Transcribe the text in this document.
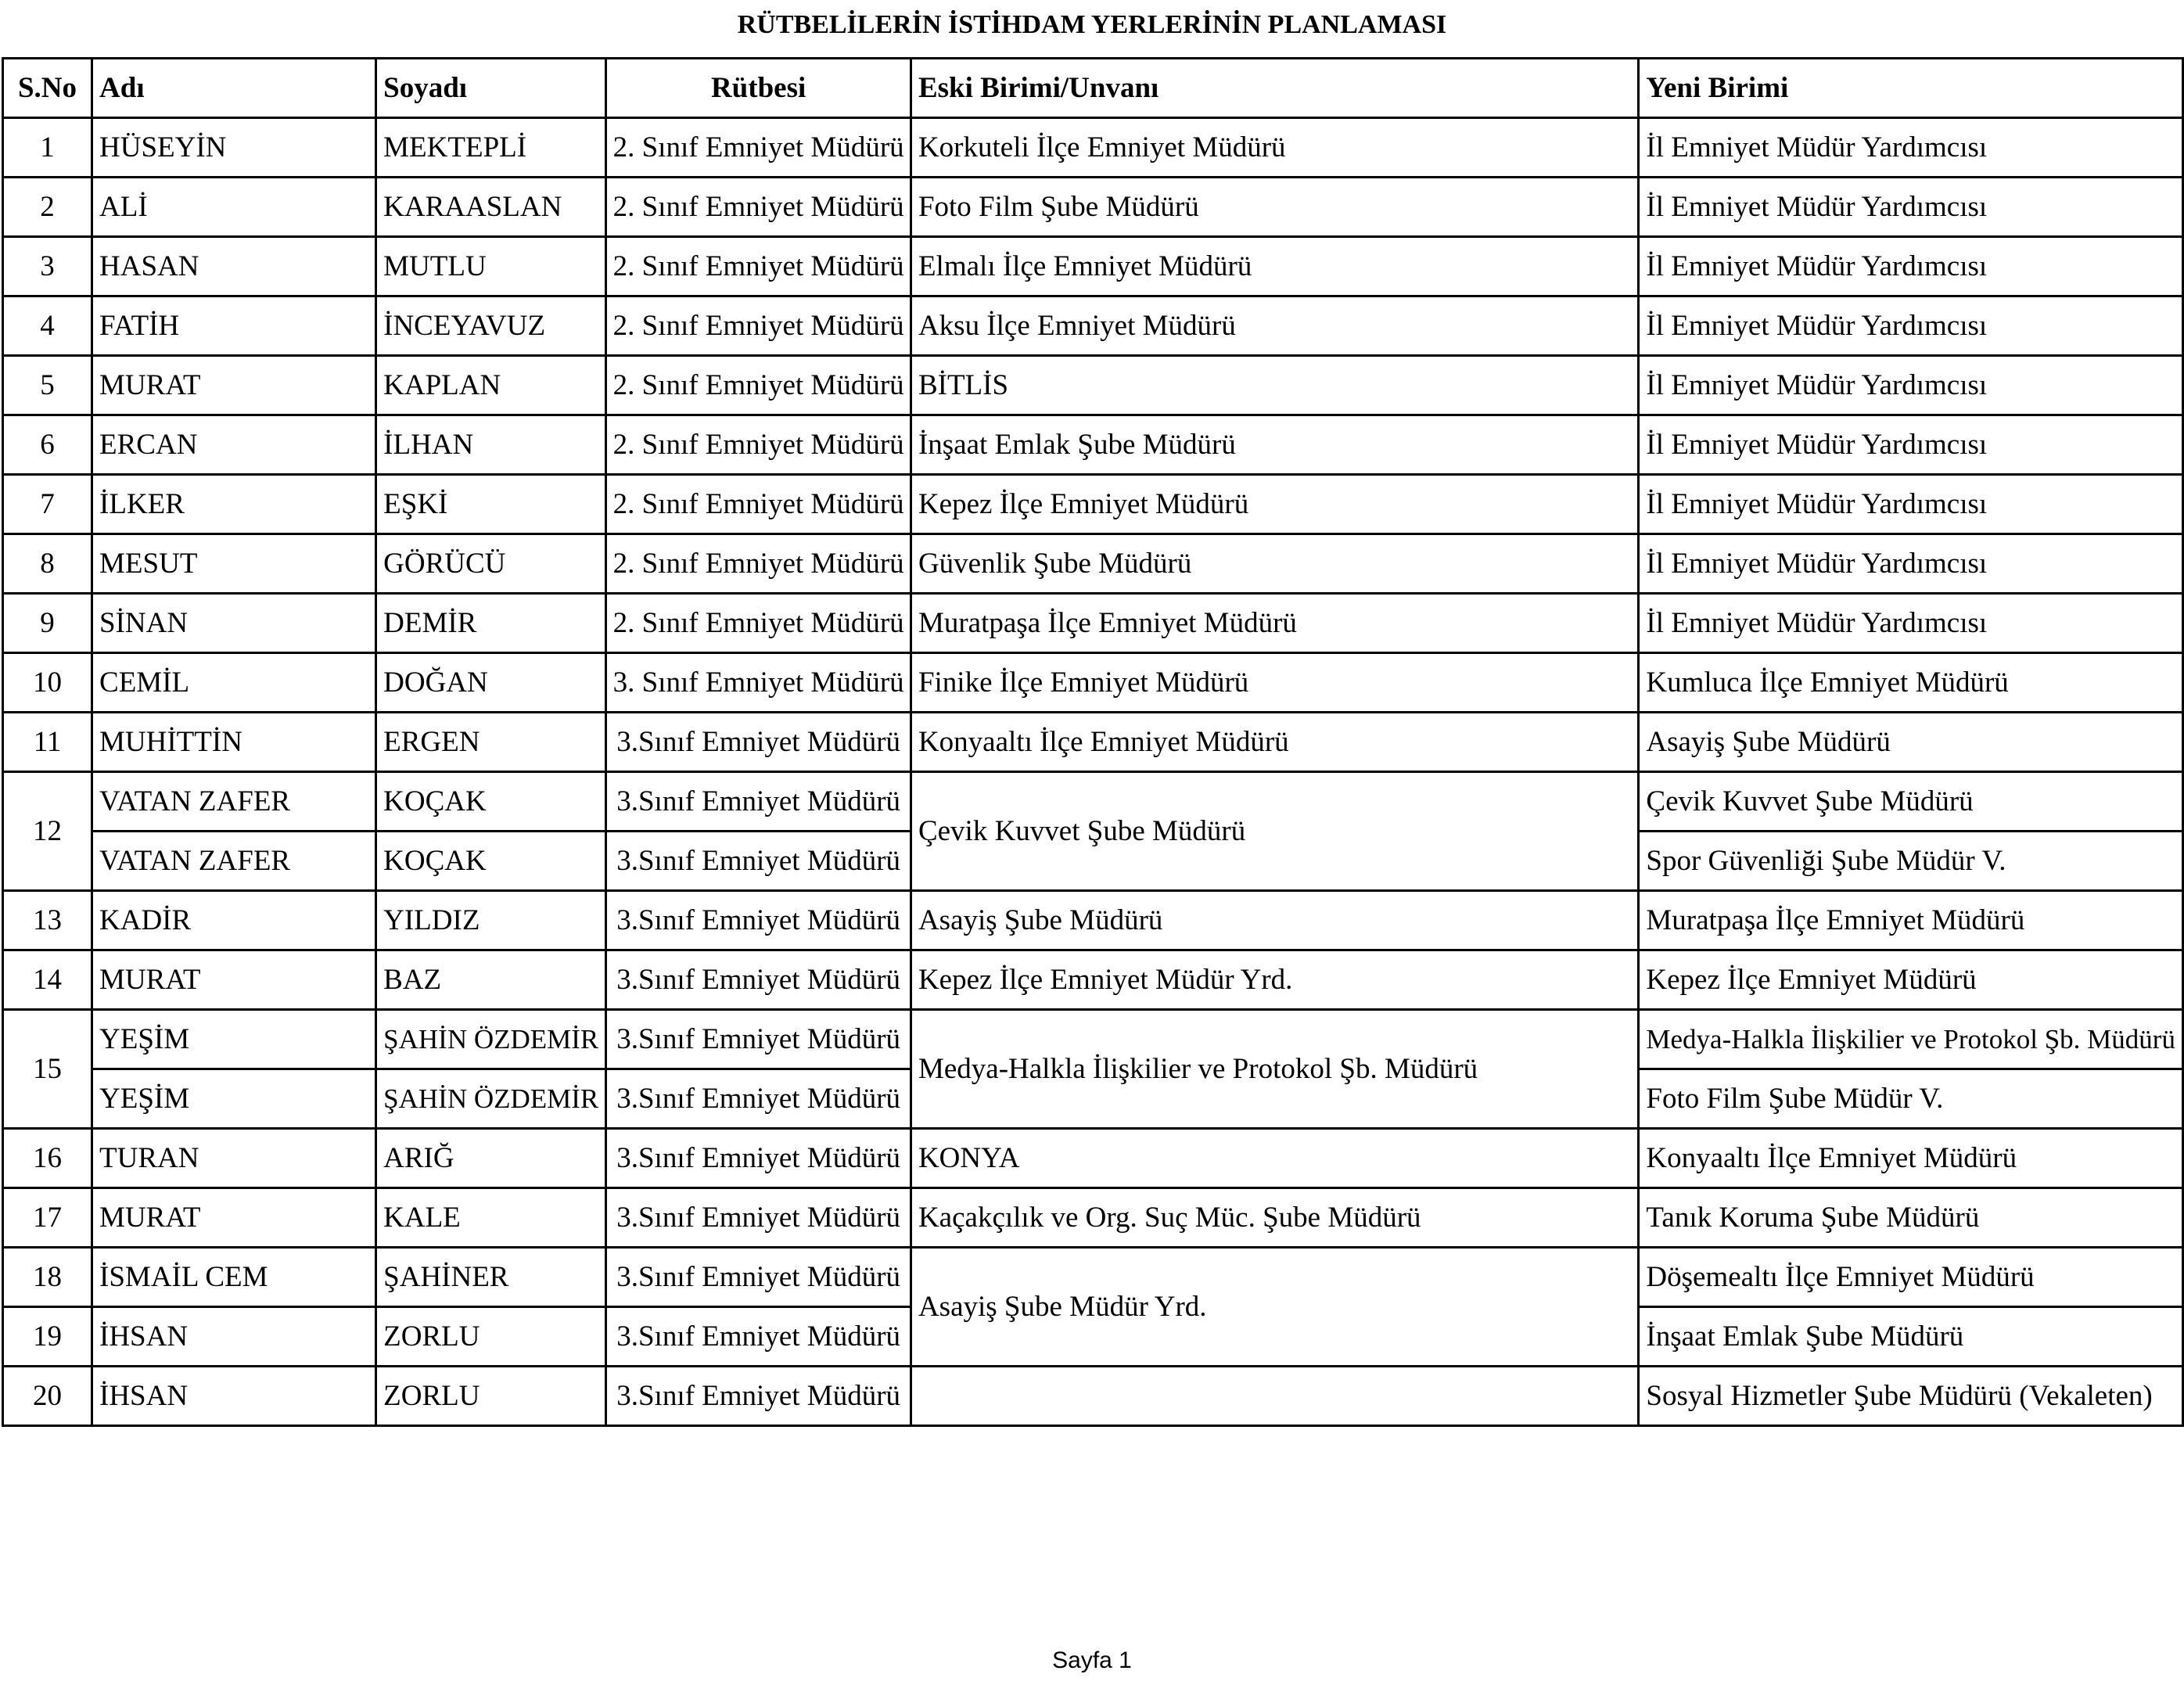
RÜTBELİLERİN İSTİHDAM YERLERİNİN PLANLAMASI
S.No	Adı	Soyadı	Rütbesi	Eski Birimi/Unvanı	Yeni Birimi
1	HÜSEYİN	MEKTEPLİ	2. Sınıf Emniyet Müdürü	Korkuteli İlçe Emniyet Müdürü	İl Emniyet Müdür Yardımcısı
2	ALİ	KARAASLAN	2. Sınıf Emniyet Müdürü	Foto Film Şube Müdürü	İl Emniyet Müdür Yardımcısı
3	HASAN	MUTLU	2. Sınıf Emniyet Müdürü	Elmalı İlçe Emniyet Müdürü	İl Emniyet Müdür Yardımcısı
4	FATİH	İNCEYAVUZ	2. Sınıf Emniyet Müdürü	Aksu İlçe Emniyet Müdürü	İl Emniyet Müdür Yardımcısı
5	MURAT	KAPLAN	2. Sınıf Emniyet Müdürü	BİTLİS	İl Emniyet Müdür Yardımcısı
6	ERCAN	İLHAN	2. Sınıf Emniyet Müdürü	İnşaat Emlak Şube Müdürü	İl Emniyet Müdür Yardımcısı
7	İLKER	EŞKİ	2. Sınıf Emniyet Müdürü	Kepez İlçe Emniyet Müdürü	İl Emniyet Müdür Yardımcısı
8	MESUT	GÖRÜCÜ	2. Sınıf Emniyet Müdürü	Güvenlik Şube Müdürü	İl Emniyet Müdür Yardımcısı
9	SİNAN	DEMİR	2. Sınıf Emniyet Müdürü	Muratpaşa İlçe Emniyet Müdürü	İl Emniyet Müdür Yardımcısı
10	CEMİL	DOĞAN	3. Sınıf Emniyet Müdürü	Finike İlçe Emniyet Müdürü	Kumluca İlçe Emniyet Müdürü
11	MUHİTTİN	ERGEN	3.Sınıf Emniyet Müdürü	Konyaaltı İlçe Emniyet Müdürü	Asayiş Şube Müdürü
12	VATAN ZAFER	KOÇAK	3.Sınıf Emniyet Müdürü	Çevik Kuvvet Şube Müdürü	Çevik Kuvvet Şube Müdürü
	VATAN ZAFER	KOÇAK	3.Sınıf Emniyet Müdürü		Spor Güvenliği Şube Müdür V.
13	KADİR	YILDIZ	3.Sınıf Emniyet Müdürü	Asayiş Şube Müdürü	Muratpaşa İlçe Emniyet Müdürü
14	MURAT	BAZ	3.Sınıf Emniyet Müdürü	Kepez İlçe Emniyet Müdür Yrd.	Kepez İlçe Emniyet Müdürü
15	YEŞİM	ŞAHİN ÖZDEMİR	3.Sınıf Emniyet Müdürü	Medya-Halkla İlişkilier ve Protokol Şb. Müdürü	Medya-Halkla İlişkilier ve Protokol Şb. Müdürü
	YEŞİM	ŞAHİN ÖZDEMİR	3.Sınıf Emniyet Müdürü		Foto Film Şube Müdür V.
16	TURAN	ARIĞ	3.Sınıf Emniyet Müdürü	KONYA	Konyaaltı İlçe Emniyet Müdürü
17	MURAT	KALE	3.Sınıf Emniyet Müdürü	Kaçakçılık ve Org. Suç Müc. Şube Müdürü	Tanık Koruma Şube Müdürü
18	İSMAİL CEM	ŞAHİNER	3.Sınıf Emniyet Müdürü	Asayiş Şube Müdür Yrd.	Döşemealtı İlçe Emniyet Müdürü
19	İHSAN	ZORLU	3.Sınıf Emniyet Müdürü		İnşaat Emlak Şube Müdürü
20	İHSAN	ZORLU	3.Sınıf Emniyet Müdürü		Sosyal Hizmetler Şube Müdürü (Vekaleten)
Sayfa 1
